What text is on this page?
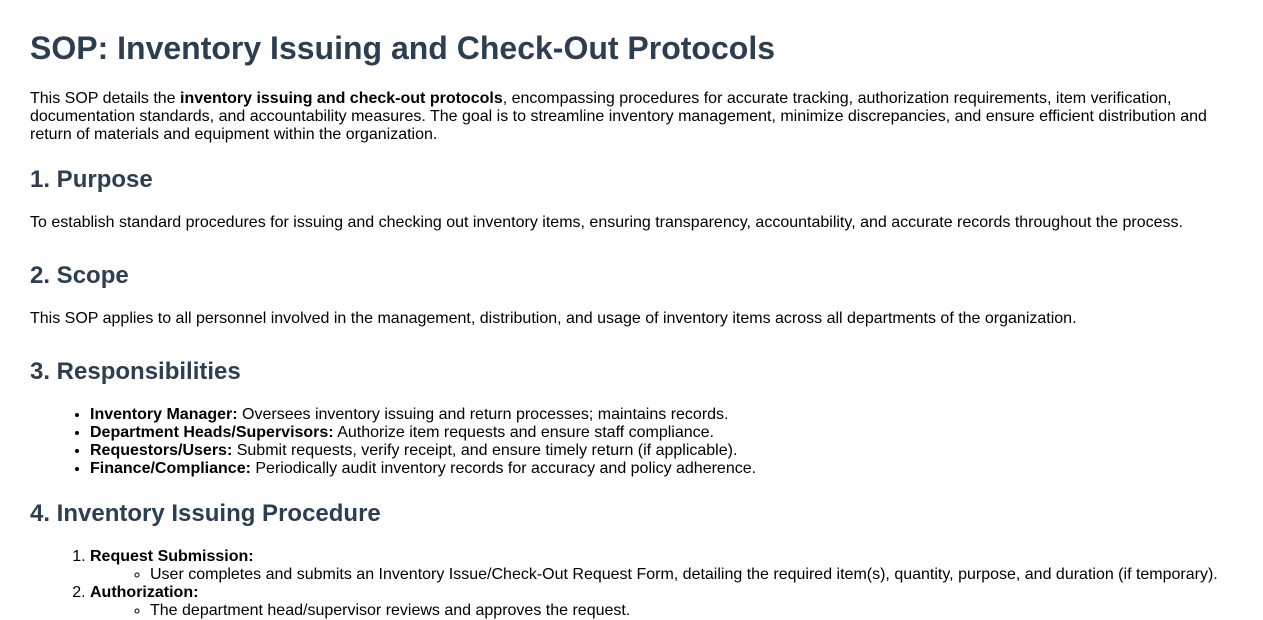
SOP: Inventory Issuing and Check-Out Protocols

This SOP details the inventory issuing and check-out protocols, encompassing procedures for accurate tracking, authorization requirements, item verification, documentation standards, and accountability measures. The goal is to streamline inventory management, minimize discrepancies, and ensure efficient distribution and return of materials and equipment within the organization.

1. Purpose

To establish standard procedures for issuing and checking out inventory items, ensuring transparency, accountability, and accurate records throughout the process.

2. Scope

This SOP applies to all personnel involved in the management, distribution, and usage of inventory items across all departments of the organization.

3. Responsibilities
• Inventory Manager: Oversees inventory issuing and return processes; maintains records.
• Department Heads/Supervisors: Authorize item requests and ensure staff compliance.
• Requestors/Users: Submit requests, verify receipt, and ensure timely return (if applicable).
• Finance/Compliance: Periodically audit inventory records for accuracy and policy adherence.
4. Inventory Issuing Procedure
1. Request Submission:
◦ User completes and submits an Inventory Issue/Check-Out Request Form, detailing the required item(s), quantity, purpose, and duration (if temporary).
2. Authorization:
◦ The department head/supervisor reviews and approves the request.
